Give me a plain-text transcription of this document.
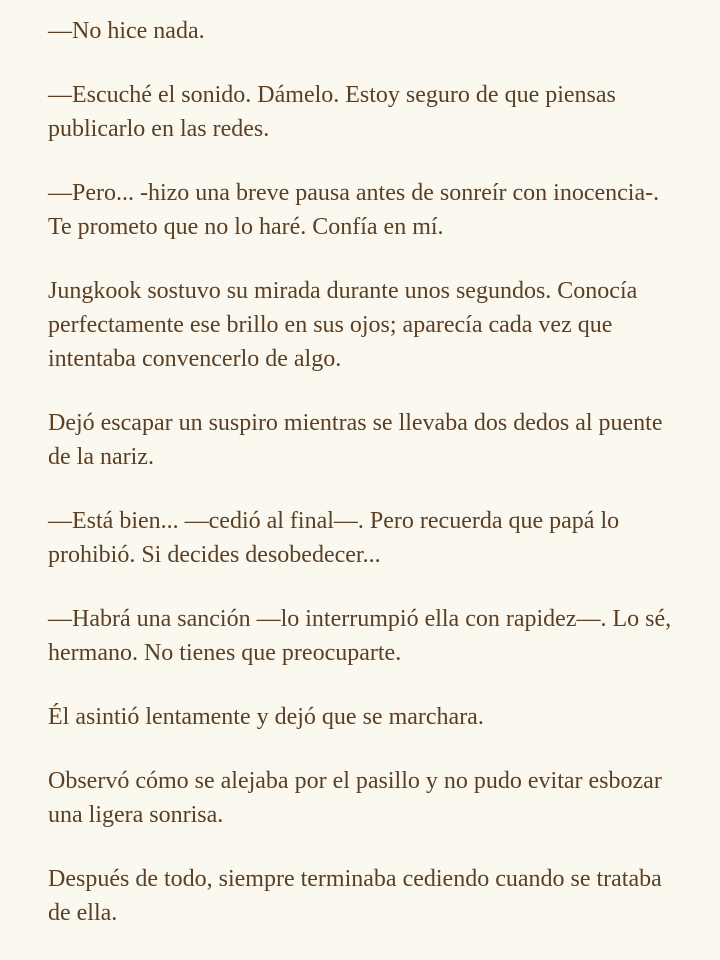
—No hice nada.

—Escuché el sonido. Dámelo. Estoy seguro de que piensas publicarlo en las redes.

—Pero... -hizo una breve pausa antes de sonreír con inocencia-. Te prometo que no lo haré. Confía en mí.

Jungkook sostuvo su mirada durante unos segundos. Conocía perfectamente ese brillo en sus ojos; aparecía cada vez que intentaba convencerlo de algo.

Dejó escapar un suspiro mientras se llevaba dos dedos al puente de la nariz.

—Está bien... —cedió al final—. Pero recuerda que papá lo prohibió. Si decides desobedecer...

—Habrá una sanción —lo interrumpió ella con rapidez—. Lo sé, hermano. No tienes que preocuparte.

Él asintió lentamente y dejó que se marchara.

Observó cómo se alejaba por el pasillo y no pudo evitar esbozar una ligera sonrisa.

Después de todo, siempre terminaba cediendo cuando se trataba de ella.
